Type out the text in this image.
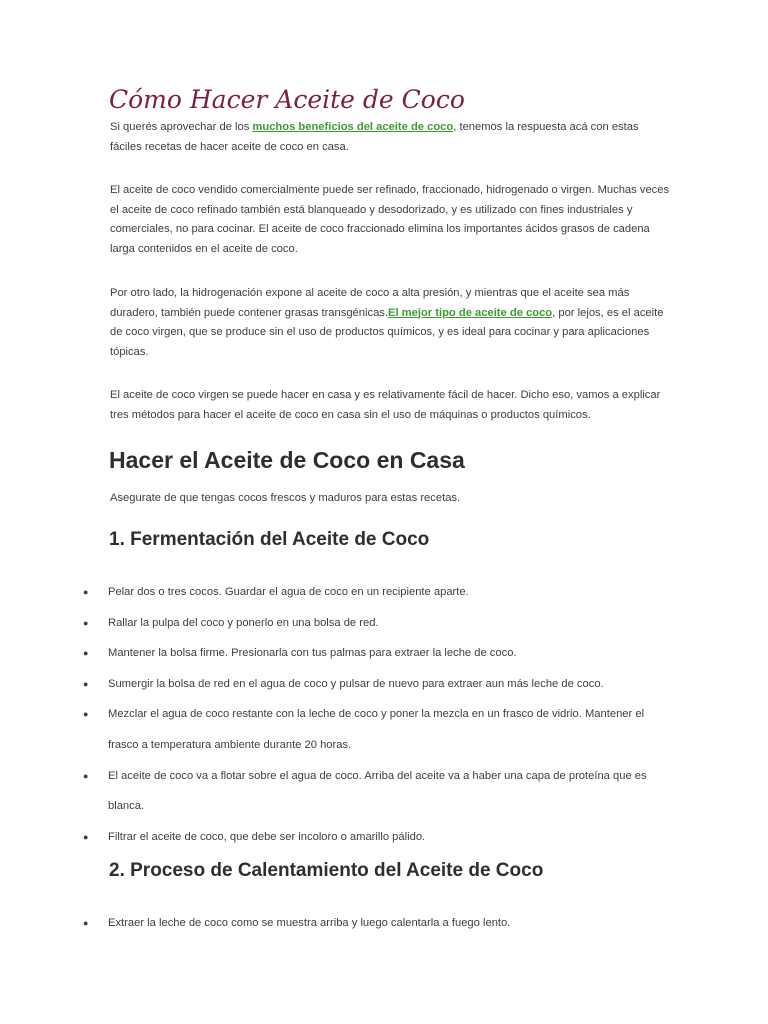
Cómo Hacer Aceite de Coco

Si querés aprovechar de los muchos beneficios del aceite de coco, tenemos la respuesta acá con estas fáciles recetas de hacer aceite de coco en casa.

El aceite de coco vendido comercialmente puede ser refinado, fraccionado, hidrogenado o virgen. Muchas veces el aceite de coco refinado también está blanqueado y desodorizado, y es utilizado con fines industriales y comerciales, no para cocinar. El aceite de coco fraccionado elimina los importantes ácidos grasos de cadena larga contenidos en el aceite de coco.

Por otro lado, la hidrogenación expone al aceite de coco a alta presión, y mientras que el aceite sea más duradero, también puede contener grasas transgénicas.El mejor tipo de aceite de coco, por lejos, es el aceite de coco virgen, que se produce sin el uso de productos químicos, y es ideal para cocinar y para aplicaciones tópicas.

El aceite de coco virgen se puede hacer en casa y es relativamente fácil de hacer. Dicho eso, vamos a explicar tres métodos para hacer el aceite de coco en casa sin el uso de máquinas o productos químicos.

Hacer el Aceite de Coco en Casa

Asegurate de que tengas cocos frescos y maduros para estas recetas.

1. Fermentación del Aceite de Coco
● Pelar dos o tres cocos. Guardar el agua de coco en un recipiente aparte.
● Rallar la pulpa del coco y ponerlo en una bolsa de red.
● Mantener la bolsa firme. Presionarla con tus palmas para extraer la leche de coco.
● Sumergir la bolsa de red en el agua de coco y pulsar de nuevo para extraer aun más leche de coco.
● Mezclar el agua de coco restante con la leche de coco y poner la mezcla en un frasco de vidrio. Mantener el frasco a temperatura ambiente durante 20 horas.
● El aceite de coco va a flotar sobre el agua de coco. Arriba del aceite va a haber una capa de proteína que es blanca.
● Filtrar el aceite de coco, que debe ser incoloro o amarillo pálido.
2. Proceso de Calentamiento del Aceite de Coco
● Extraer la leche de coco como se muestra arriba y luego calentarla a fuego lento.
